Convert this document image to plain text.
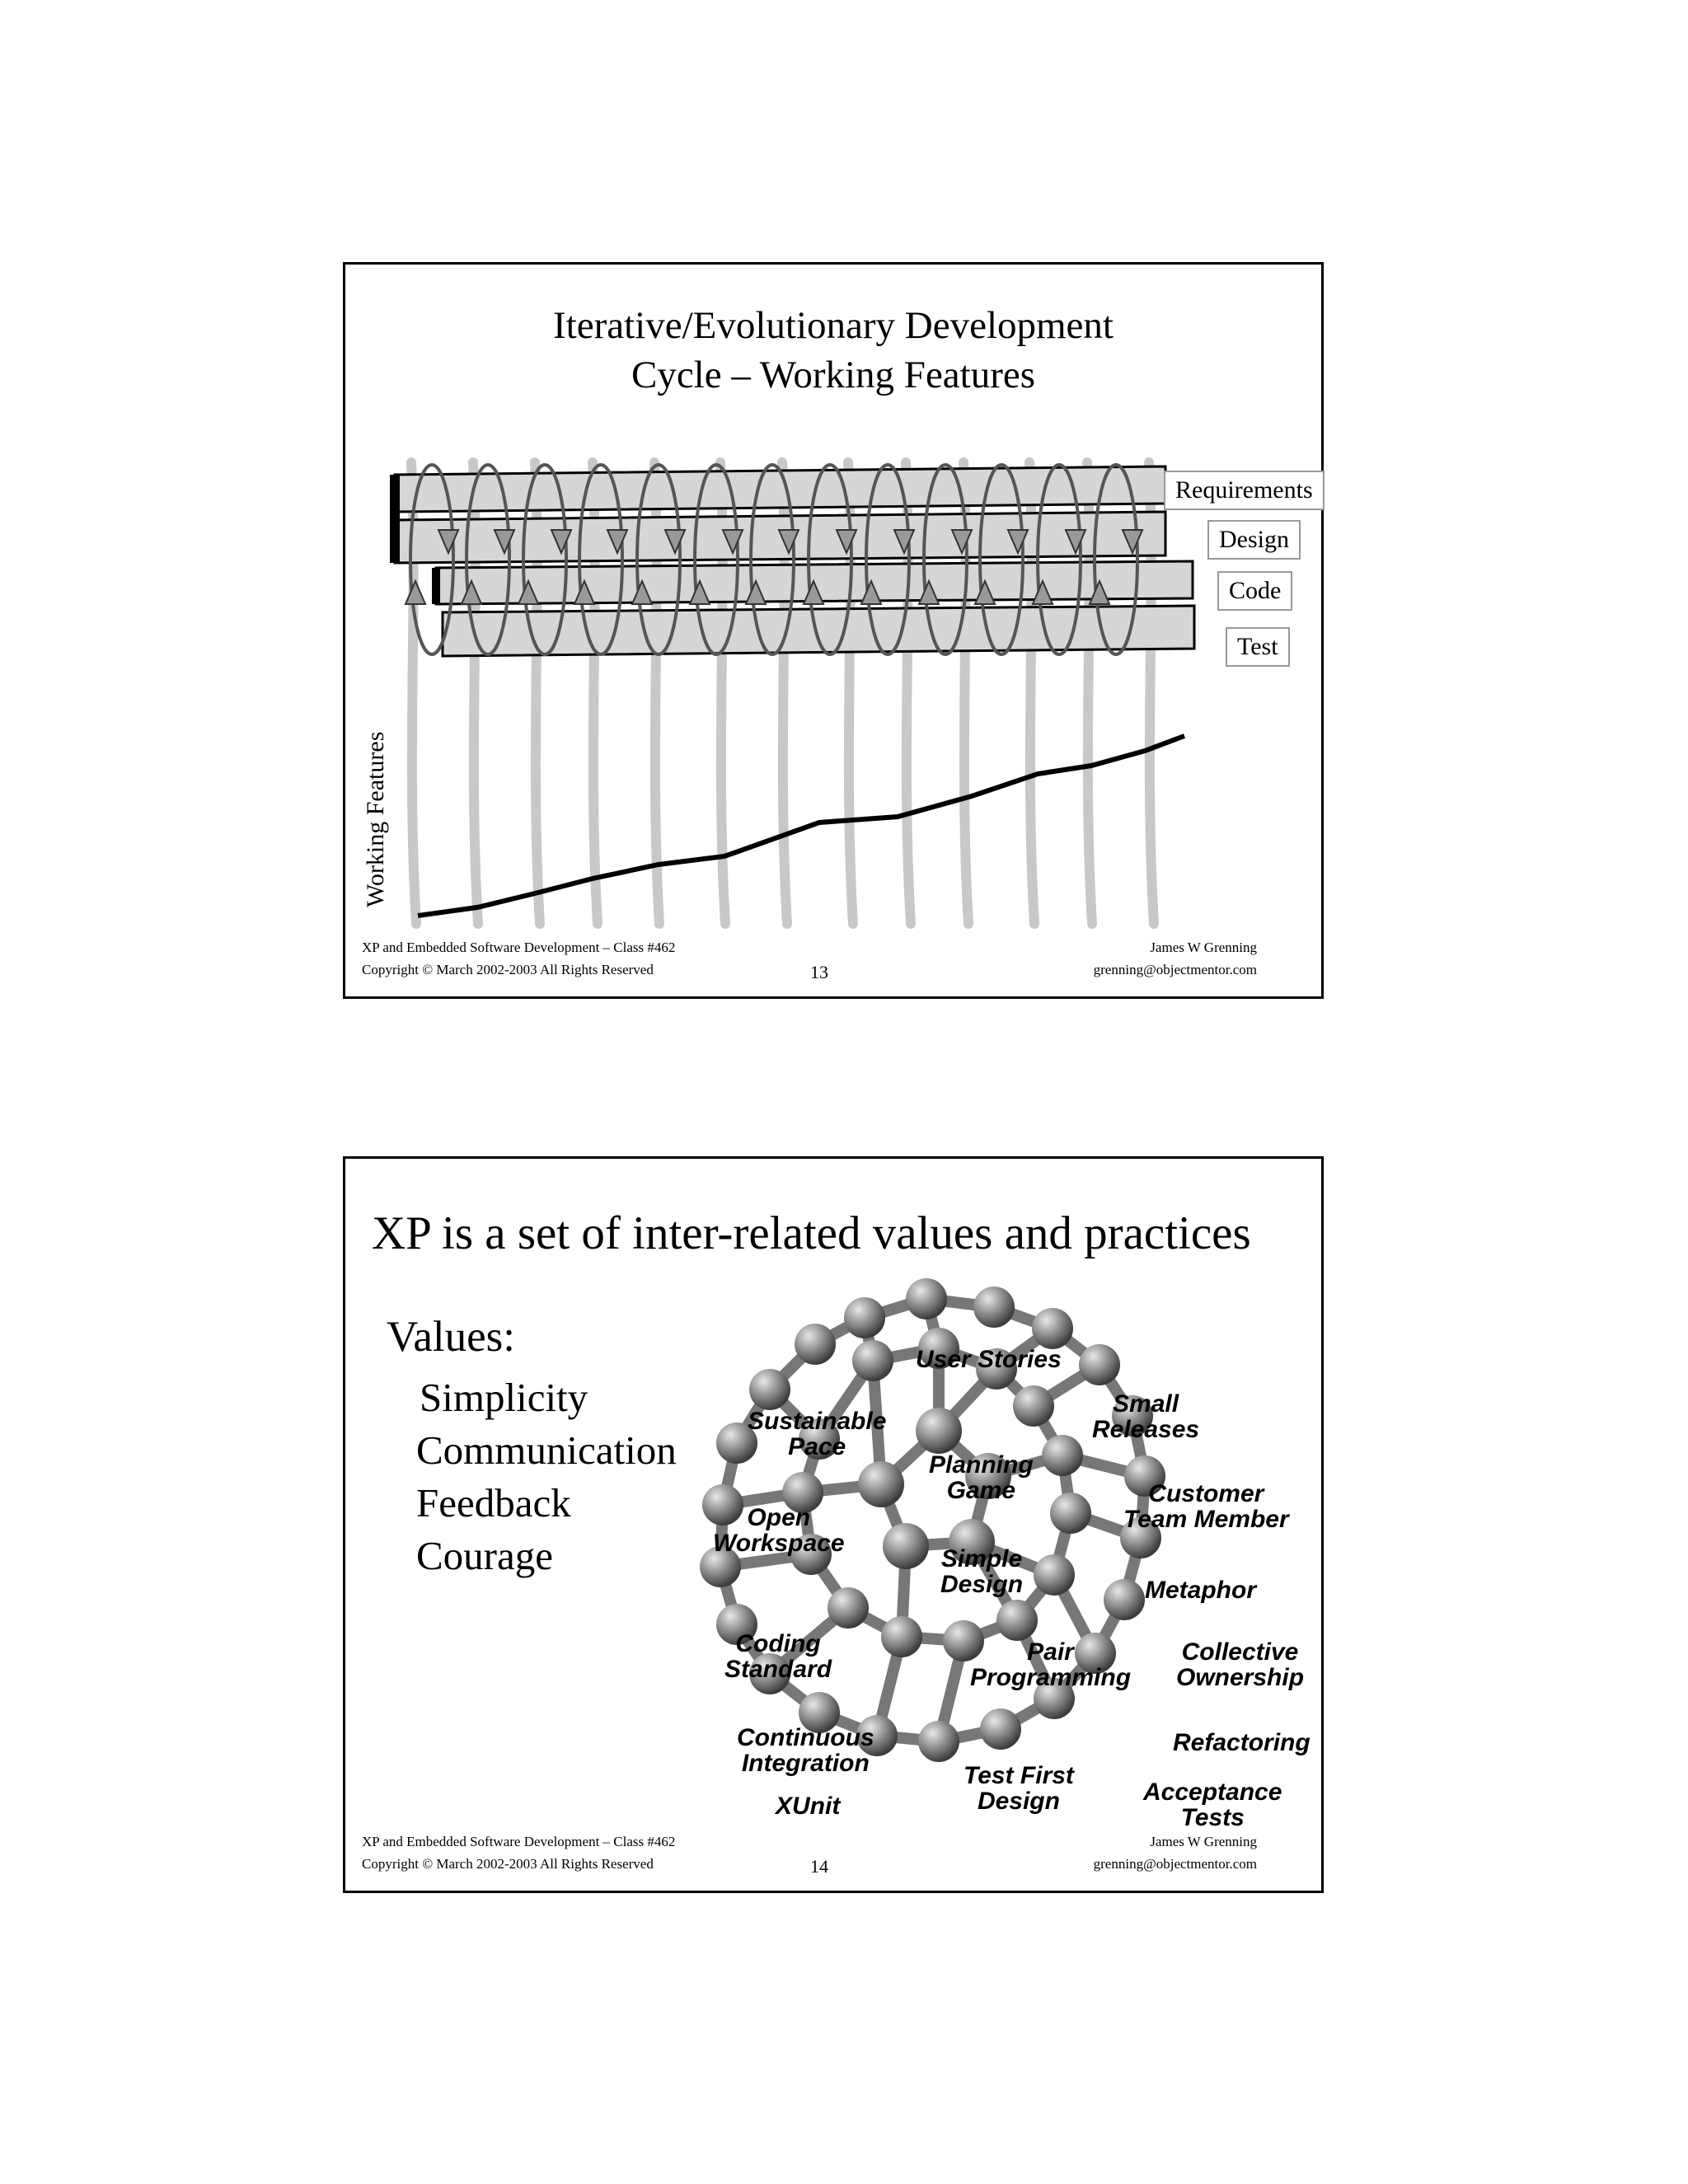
Iterative/Evolutionary Development
Cycle – Working Features
Requirements
Design
Code
Test
Working Features
XP and Embedded Software Development – Class #462
Copyright © March 2002-2003 All Rights Reserved	13
James W Grenning
grenning@objectmentor.com
XP is a set of inter-related values and practices
Values:
Simplicity
Communication
Feedback
Courage
User Stories
Small
Releases
Sustainable
Pace
Planning
Game	Customer
Team Member
Open
Workspace
Simple
Design	Metaphor
Coding
Standard
Pair
Programming
Collective
Ownership
Continuous
Integration
Refactoring
Test First
Design	Acceptance
Tests
XUnit
XP and Embedded Software Development – Class #462
Copyright © March 2002-2003 All Rights Reserved	14
James W Grenning
grenning@objectmentor.com
